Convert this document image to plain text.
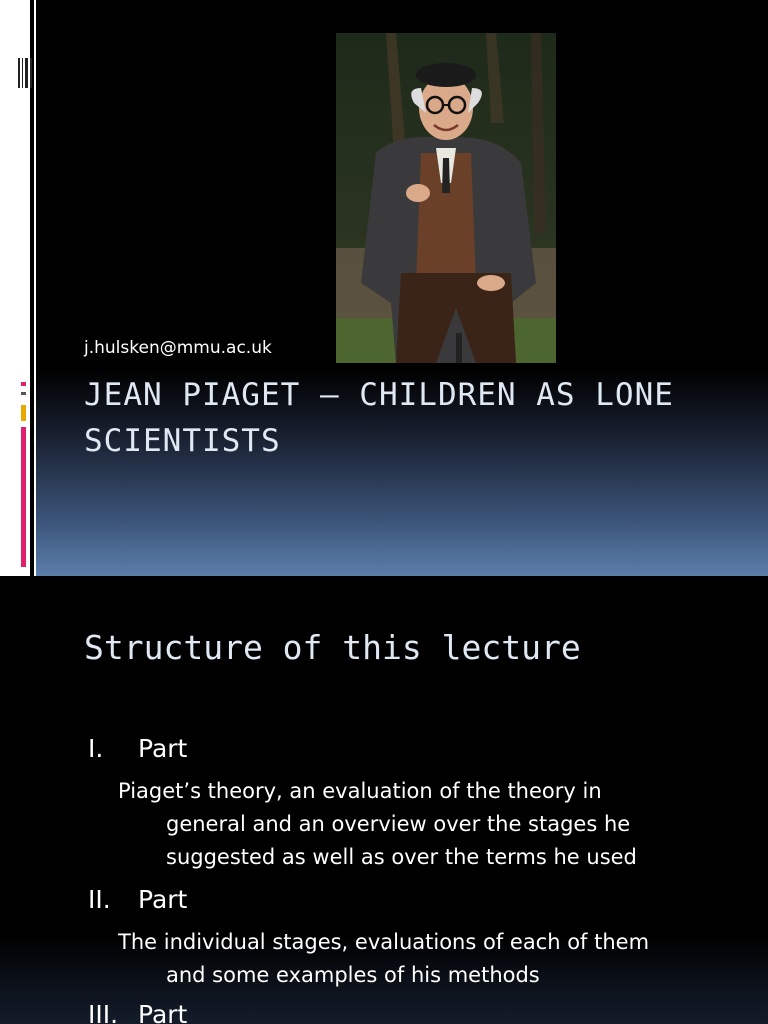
j.hulsken@mmu.ac.uk
JEAN PIAGET – CHILDREN AS LONE
SCIENTISTS
Structure of this lecture
I. Part
Piaget’s theory, an evaluation of the theory in
general and an overview over the stages he
suggested as well as over the terms he used
II. Part
The individual stages, evaluations of each of them
and some examples of his methods
III. Part
